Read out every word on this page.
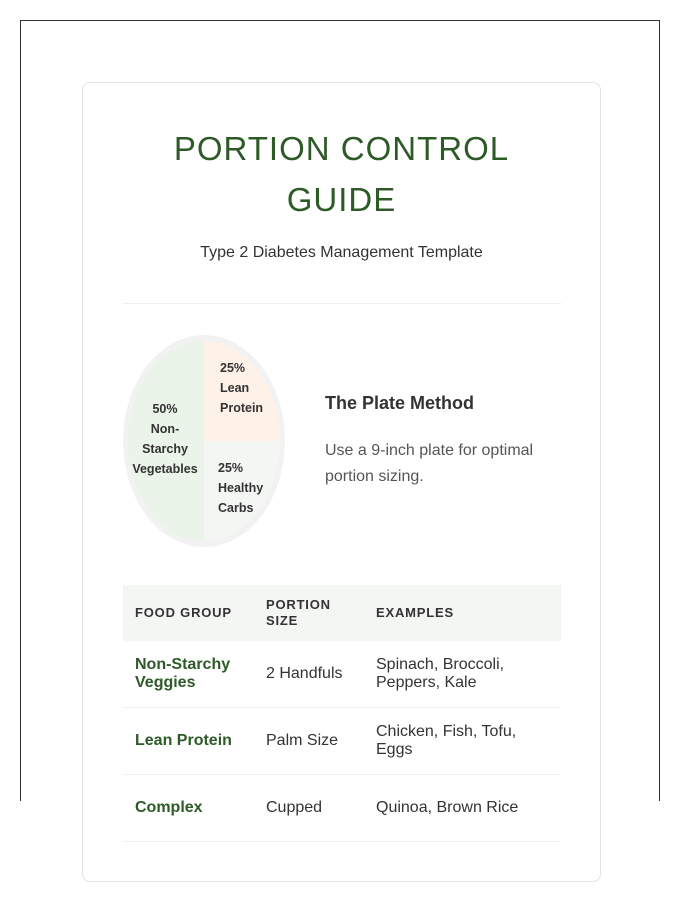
PORTION CONTROL
GUIDE
Type 2 Diabetes Management Template
50%
Non-
Starchy
Vegetables
25%
Lean
Protein
25%
Healthy
Carbs
The Plate Method

Use a 9-inch plate for optimal portion sizing.

FOOD GROUP	PORTION SIZE	EXAMPLES
Non-Starchy Veggies	2 Handfuls	Spinach, Broccoli, Peppers, Kale
Lean Protein	Palm Size	Chicken, Fish, Tofu, Eggs
Complex	Cupped	Quinoa, Brown Rice
